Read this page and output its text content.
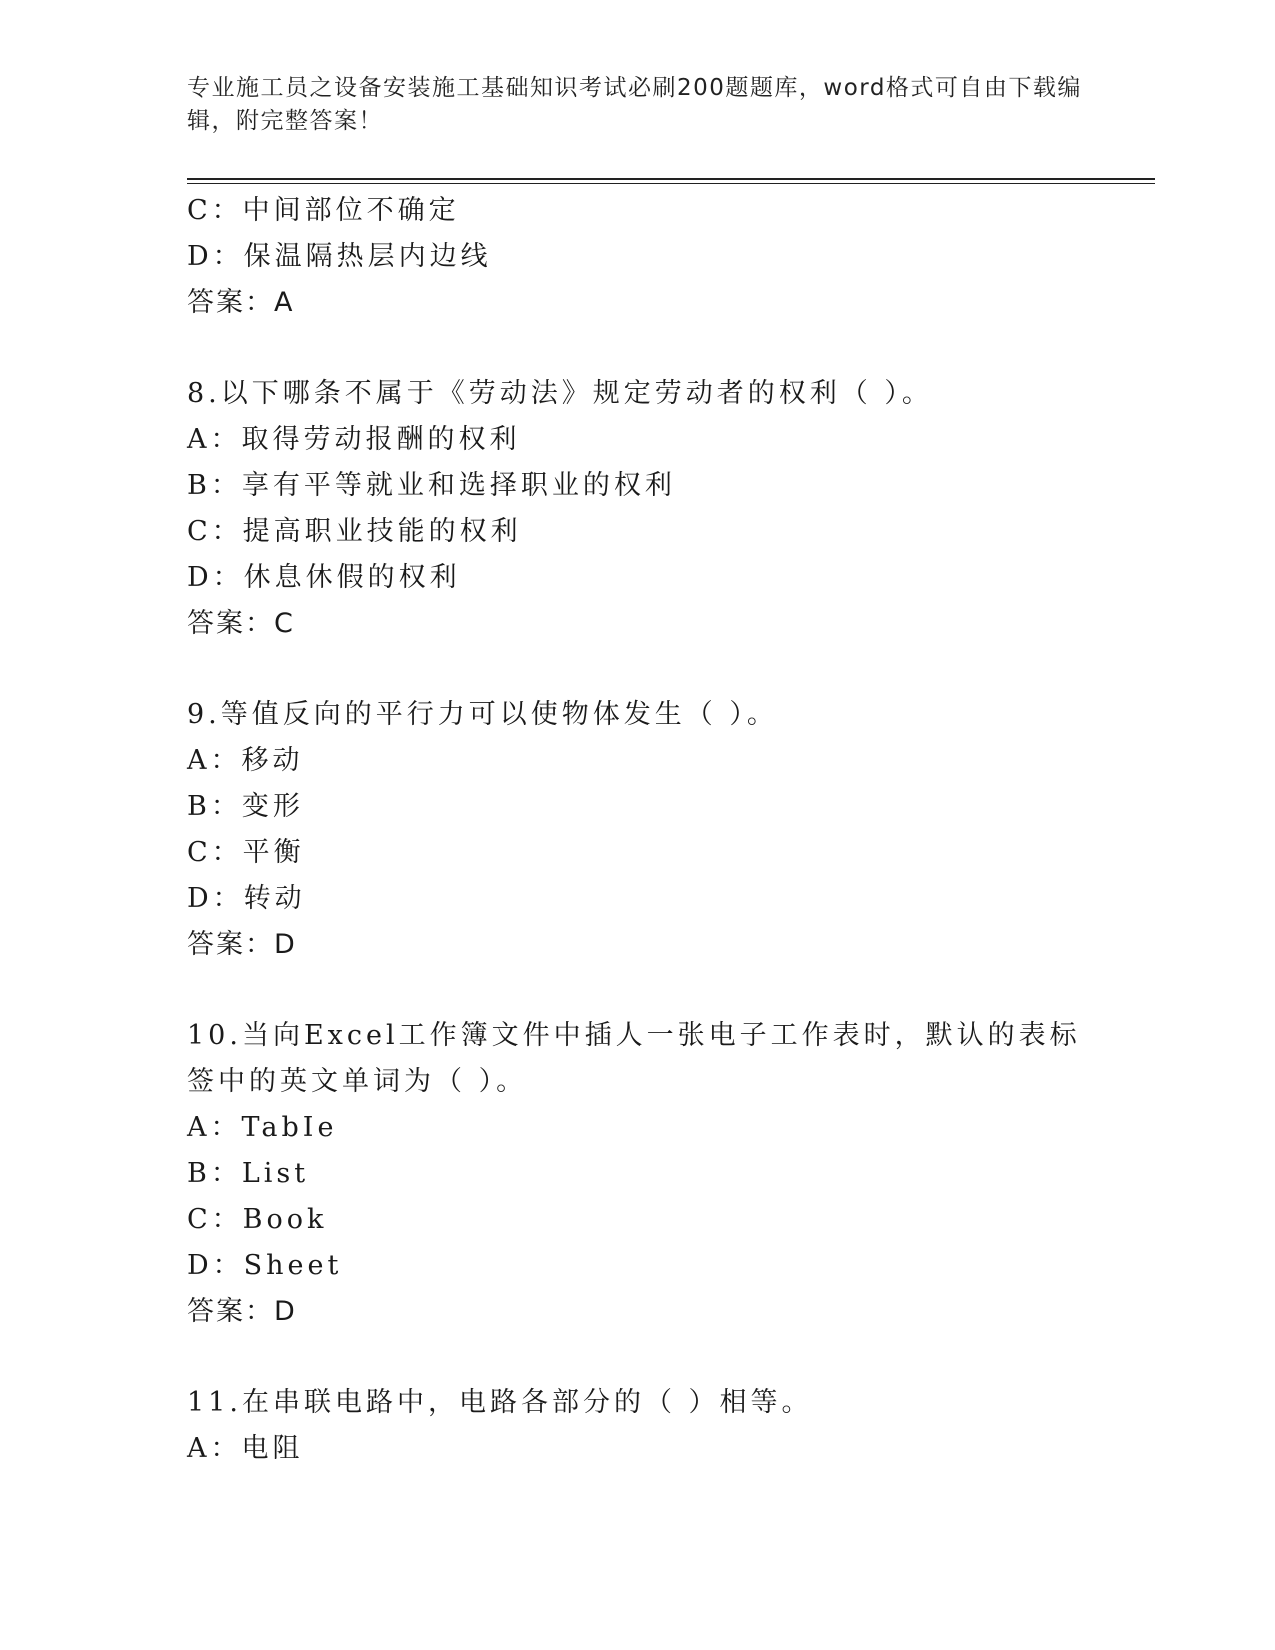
专业施工员之设备安装施工基础知识考试必刷200题题库，word格式可自由下载编辑，附完整答案！
C：中间部位不确定
D：保温隔热层内边线
答案：A
8.以下哪条不属于《劳动法》规定劳动者的权利（ ）。
A：取得劳动报酬的权利
B：享有平等就业和选择职业的权利
C：提高职业技能的权利
D：休息休假的权利
答案：C
9.等值反向的平行力可以使物体发生（ ）。
A：移动
B：变形
C：平衡
D：转动
答案：D
10.当向Excel工作簿文件中插人一张电子工作表时，默认的表标签中的英文单词为（ ）。
A：TabIe
B：List
C：Book
D：Sheet
答案：D
11.在串联电路中，电路各部分的（ ）相等。
A：电阻
